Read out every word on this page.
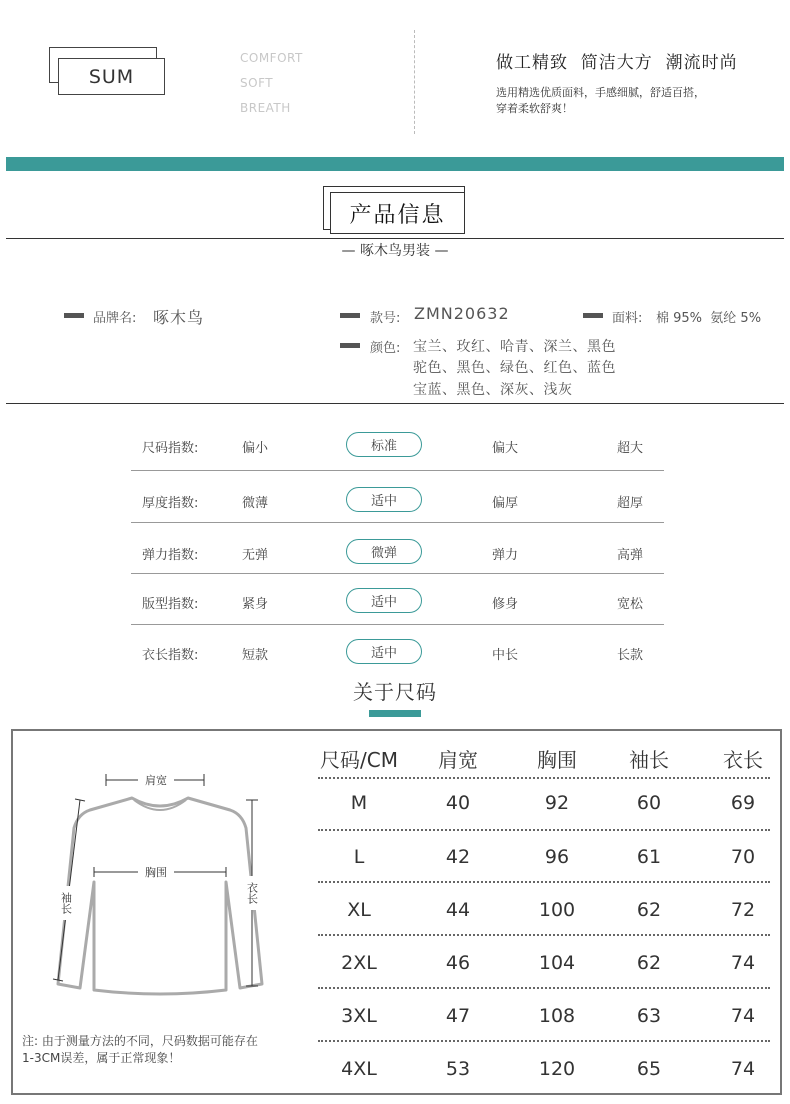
SUM
COMFORT
SOFT
BREATH
做工精致  简洁大方  潮流时尚
选用精选优质面料，手感细腻，舒适百搭，
穿着柔软舒爽！
产品信息
— 啄木鸟男装 —
品牌名: 啄木鸟	款号: ZMN20632	面料: 棉 95%  氨纶 5%
颜色: 宝兰、玫红、哈青、深兰、黑色
驼色、黑色、绿色、红色、蓝色
宝蓝、黑色、深灰、浅灰
尺码指数:	偏小	标准	偏大	超大
厚度指数:	微薄	适中	偏厚	超厚
弹力指数:	无弹	微弹	弹力	高弹
版型指数:	紧身	适中	修身	宽松
衣长指数:	短款	适中	中长	长款
关于尺码
肩宽
胸围
袖长	衣长
注: 由于测量方法的不同，尺码数据可能存在
1-3CM误差，属于正常现象！
尺码/CM	肩宽	胸围	袖长	衣长
M	40	92	60	69
L	42	96	61	70
XL	44	100	62	72
2XL	46	104	62	74
3XL	47	108	63	74
4XL	53	120	65	74
